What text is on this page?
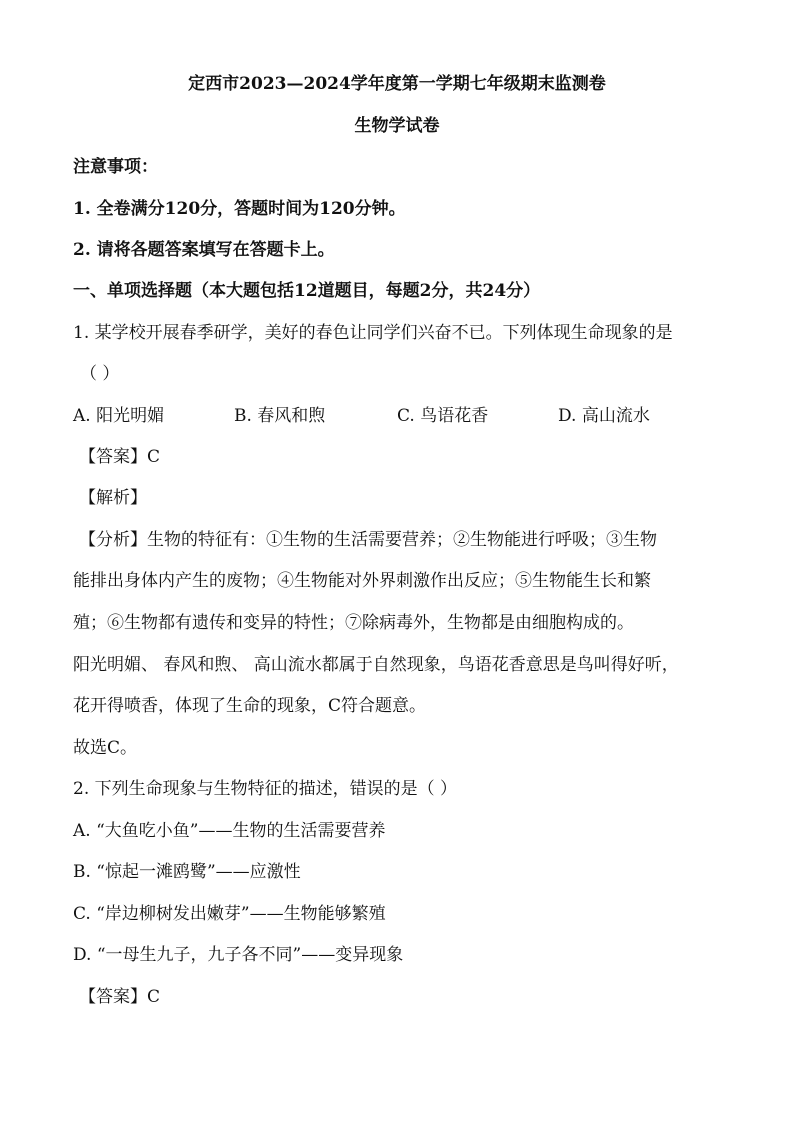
定西市2023—2024学年度第一学期七年级期末监测卷
生物学试卷
注意事项：
1. 全卷满分120分，答题时间为120分钟。
2. 请将各题答案填写在答题卡上。
一、单项选择题（本大题包括12道题目，每题2分，共24分）
1. 某学校开展春季研学，美好的春色让同学们兴奋不已。下列体现生命现象的是
（ ）
A. 阳光明媚	B. 春风和煦	C. 鸟语花香	D. 高山流水
【答案】C
【解析】
【分析】生物的特征有：①生物的生活需要营养；②生物能进行呼吸；③生物
能排出身体内产生的废物；④生物能对外界刺激作出反应；⑤生物能生长和繁
殖；⑥生物都有遗传和变异的特性；⑦除病毒外，生物都是由细胞构成的。
阳光明媚、 春风和煦、 高山流水都属于自然现象，鸟语花香意思是鸟叫得好听，
花开得喷香，体现了生命的现象，C符合题意。
故选C。
2. 下列生命现象与生物特征的描述，错误的是（ ）
A. “大鱼吃小鱼”——生物的生活需要营养
B. “惊起一滩鸥鹭”——应激性
C. “岸边柳树发出嫩芽”——生物能够繁殖
D. “一母生九子，九子各不同”——变异现象
【答案】C
